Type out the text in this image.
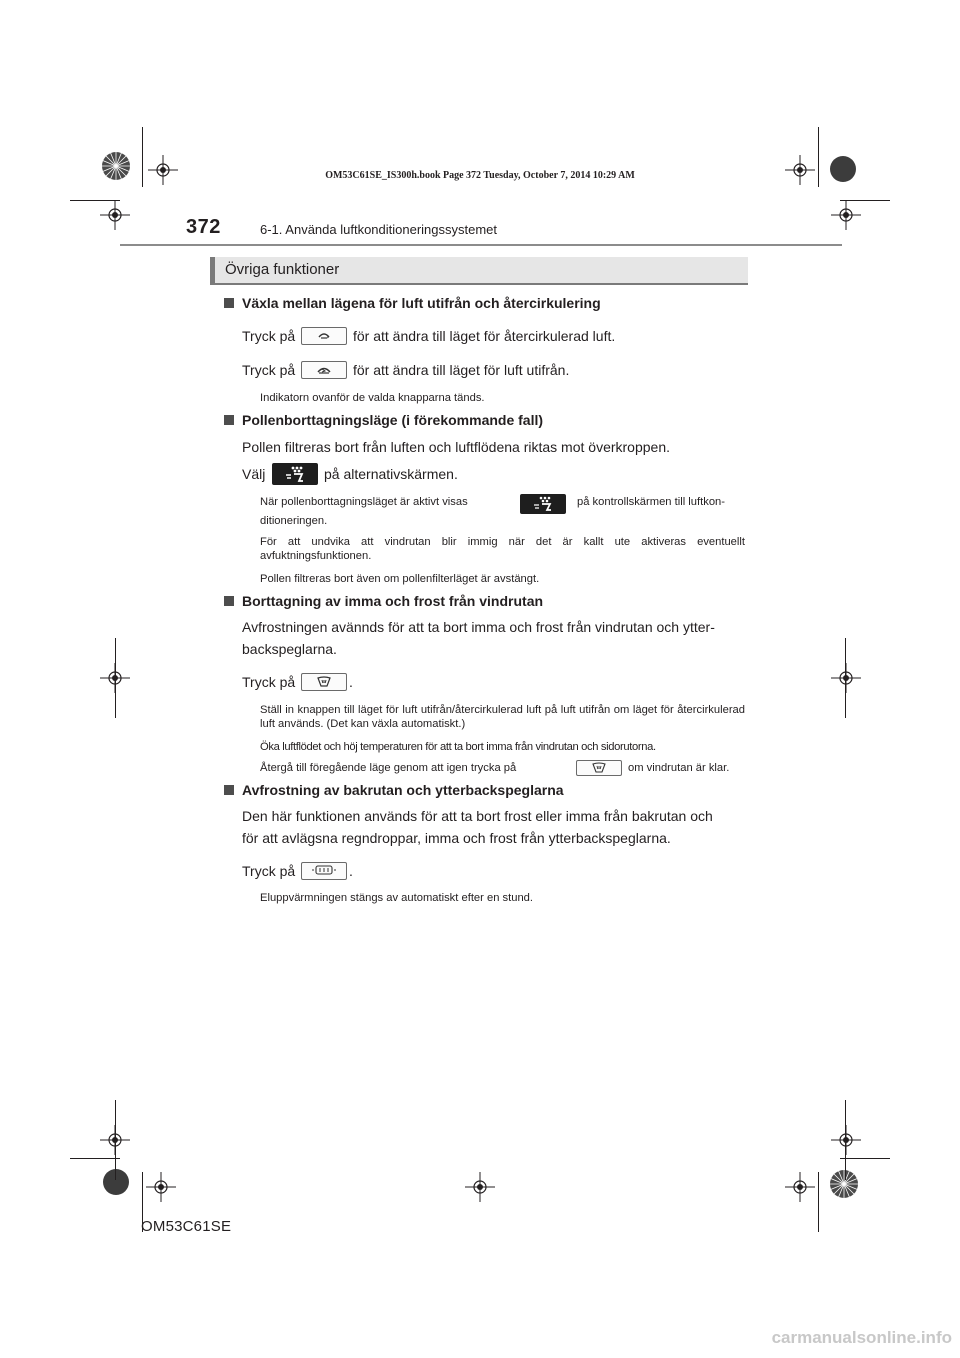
OM53C61SE_IS300h.book Page 372 Tuesday, October 7, 2014 10:29 AM
372	6-1. Använda luftkonditioneringssystemet
Övriga funktioner
Växla mellan lägena för luft utifrån och återcirkulering
Tryck på	för att ändra till läget för återcirkulerad luft.
Tryck på	för att ändra till läget för luft utifrån.
Indikatorn ovanför de valda knapparna tänds.
Pollenborttagningsläge (i förekommande fall)
Pollen filtreras bort från luften och luftflödena riktas mot överkroppen.
Välj	på alternativskärmen.
När pollenborttagningsläget är aktivt visas	på kontrollskärmen till luftkon-
ditioneringen.
För att undvika att vindrutan blir immig när det är kallt ute aktiveras eventuellt avfuktningsfunktionen.
Pollen filtreras bort även om pollenfilterläget är avstängt.
Borttagning av imma och frost från vindrutan
Avfrostningen avännds för att ta bort imma och frost från vindrutan och ytter-
backspeglarna.
Tryck på	.
Ställ in knappen till läget för luft utifrån/återcirkulerad luft på luft utifrån om läget för återcirkulerad luft används. (Det kan växla automatiskt.)
Öka luftflödet och höj temperaturen för att ta bort imma från vindrutan och sidorutorna.
Återgå till föregående läge genom att igen trycka på	om vindrutan är klar.
Avfrostning av bakrutan och ytterbackspeglarna
Den här funktionen används för att ta bort frost eller imma från bakrutan och
för att avlägsna regndroppar, imma och frost från ytterbackspeglarna.
Tryck på	.
Eluppvärmningen stängs av automatiskt efter en stund.
OM53C61SE
carmanualsonline.info
